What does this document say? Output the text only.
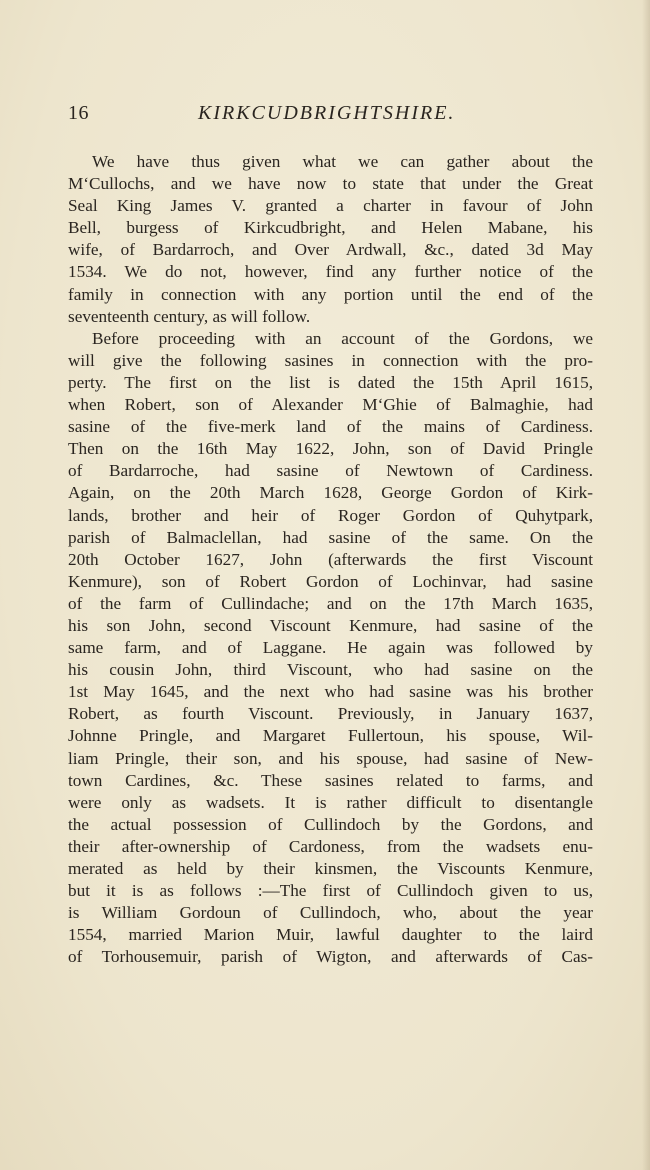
16	KIRKCUDBRIGHTSHIRE.
We have thus given what we can gather about the
M‘Cullochs, and we have now to state that under the Great
Seal King James V. granted a charter in favour of John
Bell, burgess of Kirkcudbright, and Helen Mabane, his
wife, of Bardarroch, and Over Ardwall, &c., dated 3d May
1534. We do not, however, find any further notice of the
family in connection with any portion until the end of the
seventeenth century, as will follow.
Before proceeding with an account of the Gordons, we
will give the following sasines in connection with the pro-
perty. The first on the list is dated the 15th April 1615,
when Robert, son of Alexander M‘Ghie of Balmaghie, had
sasine of the five-merk land of the mains of Cardiness.
Then on the 16th May 1622, John, son of David Pringle
of Bardarroche, had sasine of Newtown of Cardiness.
Again, on the 20th March 1628, George Gordon of Kirk-
lands, brother and heir of Roger Gordon of Quhytpark,
parish of Balmaclellan, had sasine of the same. On the
20th October 1627, John (afterwards the first Viscount
Kenmure), son of Robert Gordon of Lochinvar, had sasine
of the farm of Cullindache; and on the 17th March 1635,
his son John, second Viscount Kenmure, had sasine of the
same farm, and of Laggane. He again was followed by
his cousin John, third Viscount, who had sasine on the
1st May 1645, and the next who had sasine was his brother
Robert, as fourth Viscount. Previously, in January 1637,
Johnne Pringle, and Margaret Fullertoun, his spouse, Wil-
liam Pringle, their son, and his spouse, had sasine of New-
town Cardines, &c. These sasines related to farms, and
were only as wadsets. It is rather difficult to disentangle
the actual possession of Cullindoch by the Gordons, and
their after-ownership of Cardoness, from the wadsets enu-
merated as held by their kinsmen, the Viscounts Kenmure,
but it is as follows :—The first of Cullindoch given to us,
is William Gordoun of Cullindoch, who, about the year
1554, married Marion Muir, lawful daughter to the laird
of Torhousemuir, parish of Wigton, and afterwards of Cas-
